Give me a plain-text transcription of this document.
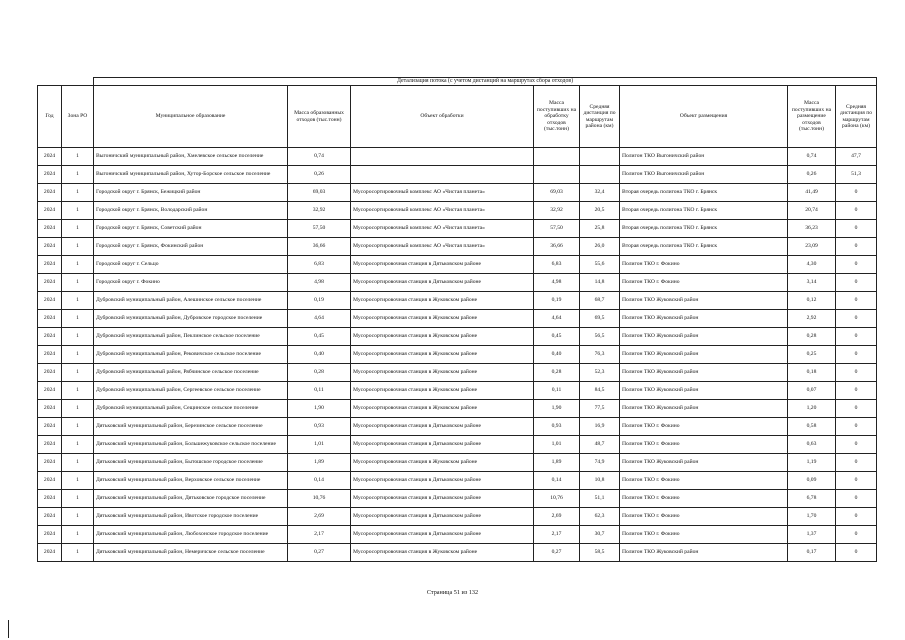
		Детализация потока (с учетом дистанций на маршрутах сбора отходов)							
Год	Зона РО	Муниципальное образование	Масса образованных отходов (тыс.тонн)	Объект обработки	Масса поступивших на обработку отходов (тыс.тонн)	Средняя дистанция по маршрутам района (км)	Объект размещения	Масса поступивших на размещение отходов (тыс.тонн)	Средняя дистанция по маршрутам района (км)
2024	1	Выгоничский муниципальный район, Хмелевское сельское поселение	0,74				Полигон ТКО Выгоничский район	0,74	47,7
2024	1	Выгоничский муниципальный район, Хутор-Борское сельское поселение	0,26				Полигон ТКО Выгоничский район	0,26	51,3
2024	1	Городской округ г. Брянск, Бежицкий район	69,03	Мусоросортировочный комплекс АО «Чистая планета»	69,03	32,4	Вторая очередь полигона ТКО г. Брянск	41,49	0
2024	1	Городской округ г. Брянск, Володарский район	32,92	Мусоросортировочный комплекс АО «Чистая планета»	32,92	20,5	Вторая очередь полигона ТКО г. Брянск	20,74	0
2024	1	Городской округ г. Брянск, Советский район	57,50	Мусоросортировочный комплекс АО «Чистая планета»	57,50	25,8	Вторая очередь полигона ТКО г. Брянск	36,23	0
2024	1	Городской округ г. Брянск, Фокинский район	36,66	Мусоросортировочный комплекс АО «Чистая планета»	36,66	26,0	Вторая очередь полигона ТКО г. Брянск	23,09	0
2024	1	Городской округ г. Сельцо	6,83	Мусоросортировочная станция в Дятьковском районе	6,83	55,6	Полигон ТКО г. Фокино	4,30	0
2024	1	Городской округ г. Фокино	4,98	Мусоросортировочная станция в Дятьковском районе	4,98	14,8	Полигон ТКО г. Фокино	3,14	0
2024	1	Дубровский муниципальный район, Алешинское сельское поселение	0,19	Мусоросортировочная станция в Жуковском районе	0,19	68,7	Полигон ТКО Жуковский район	0,12	0
2024	1	Дубровский муниципальный район, Дубровское городское поселение	4,64	Мусоросортировочная станция в Жуковском районе	4,64	69,5	Полигон ТКО Жуковский район	2,92	0
2024	1	Дубровский муниципальный район, Пеклинское сельское поселение	0,45	Мусоросортировочная станция в Жуковском районе	0,45	56,5	Полигон ТКО Жуковский район	0,28	0
2024	1	Дубровский муниципальный район, Рековичское сельское поселение	0,40	Мусоросортировочная станция в Жуковском районе	0,40	76,3	Полигон ТКО Жуковский район	0,25	0
2024	1	Дубровский муниципальный район, Рябчинское сельское поселение	0,28	Мусоросортировочная станция в Жуковском районе	0,28	52,3	Полигон ТКО Жуковский район	0,18	0
2024	1	Дубровский муниципальный район, Сергеевское сельское поселение	0,11	Мусоросортировочная станция в Жуковском районе	0,11	84,5	Полигон ТКО Жуковский район	0,07	0
2024	1	Дубровский муниципальный район, Сещинское сельское поселение	1,90	Мусоросортировочная станция в Жуковском районе	1,90	77,5	Полигон ТКО Жуковский район	1,20	0
2024	1	Дятьковский муниципальный район, Березинское сельское поселение	0,93	Мусоросортировочная станция в Дятьковском районе	0,93	16,9	Полигон ТКО г. Фокино	0,58	0
2024	1	Дятьковский муниципальный район, Большежуковское сельское поселение	1,01	Мусоросортировочная станция в Дятьковском районе	1,01	48,7	Полигон ТКО г. Фокино	0,63	0
2024	1	Дятьковский муниципальный район, Бытошское городское поселение	1,89	Мусоросортировочная станция в Жуковском районе	1,89	74,9	Полигон ТКО Жуковский район	1,19	0
2024	1	Дятьковский муниципальный район, Верховское сельское поселение	0,14	Мусоросортировочная станция в Дятьковском районе	0,14	10,8	Полигон ТКО г. Фокино	0,09	0
2024	1	Дятьковский муниципальный район, Дятьковское городское поселение	10,76	Мусоросортировочная станция в Дятьковском районе	10,76	51,1	Полигон ТКО г. Фокино	6,78	0
2024	1	Дятьковский муниципальный район, Ивотское городское поселение	2,69	Мусоросортировочная станция в Дятьковском районе	2,69	62,3	Полигон ТКО г. Фокино	1,70	0
2024	1	Дятьковский муниципальный район, Любохонское городское поселение	2,17	Мусоросортировочная станция в Дятьковском районе	2,17	30,7	Полигон ТКО г. Фокино	1,37	0
2024	1	Дятьковский муниципальный район, Немеричское сельское поселение	0,27	Мусоросортировочная станция в Жуковском районе	0,27	58,5	Полигон ТКО Жуковский район	0,17	0
Страница 51 из 132
